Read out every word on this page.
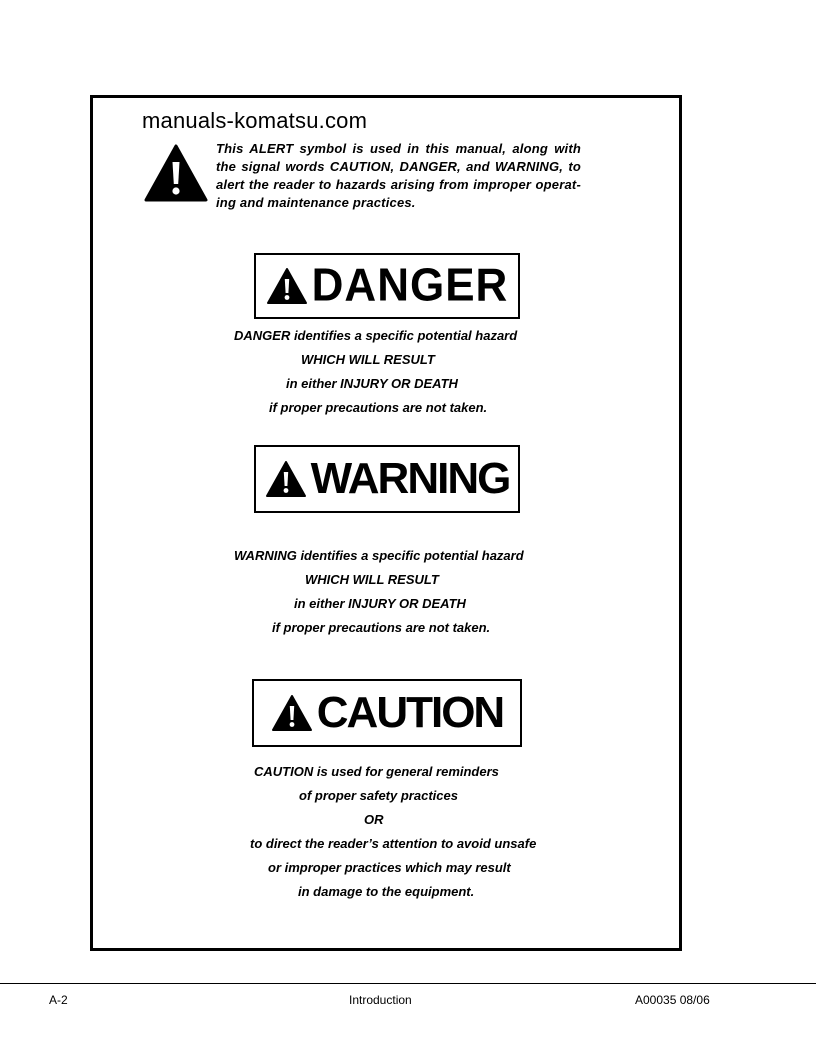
manuals-komatsu.com
This ALERT symbol is used in this manual, along with
the signal words CAUTION, DANGER, and WARNING, to
alert the reader to hazards arising from improper operat-
ing and maintenance practices.
DANGER
DANGER identifies a specific potential hazard
WHICH WILL RESULT
in either INJURY OR DEATH
if proper precautions are not taken.
WARNING
WARNING identifies a specific potential hazard
WHICH WILL RESULT
in either INJURY OR DEATH
if proper precautions are not taken.
CAUTION
CAUTION is used for general reminders
of proper safety practices
OR
to direct the reader’s attention to avoid unsafe
or improper practices which may result
in damage to the equipment.
A-2	Introduction	A00035 08/06
